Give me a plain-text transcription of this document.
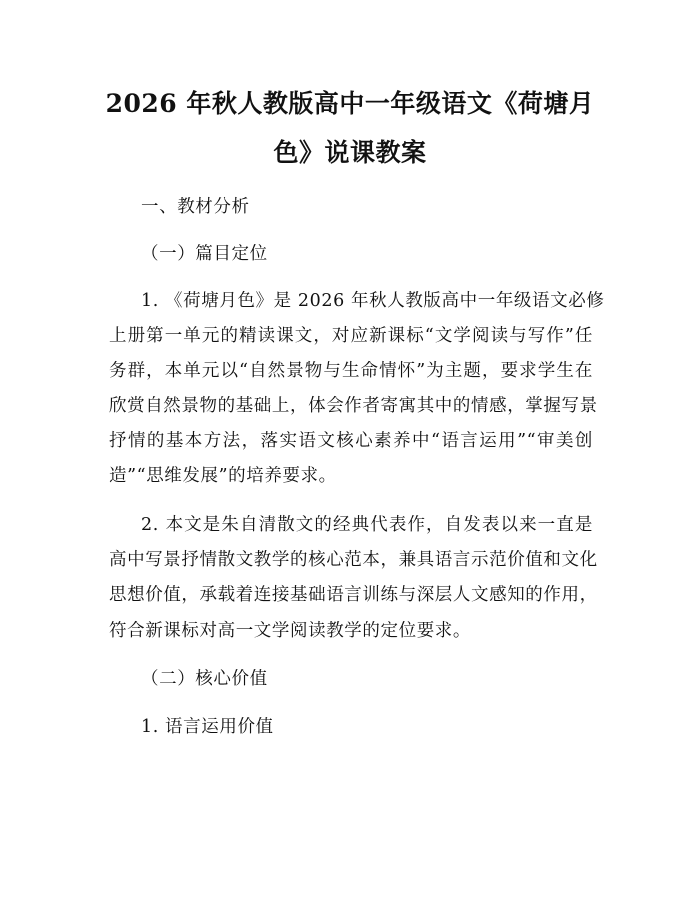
2026 年秋人教版高中一年级语文《荷塘月
色》说课教案
一、教材分析
（一）篇目定位
1. 《荷塘月色》是 2026 年秋人教版高中一年级语文必修
上册第一单元的精读课文，对应新课标“文学阅读与写作”任
务群，本单元以“自然景物与生命情怀”为主题，要求学生在
欣赏自然景物的基础上，体会作者寄寓其中的情感，掌握写景
抒情的基本方法，落实语文核心素养中“语言运用”“审美创
造”“思维发展”的培养要求。
2. 本文是朱自清散文的经典代表作，自发表以来一直是
高中写景抒情散文教学的核心范本，兼具语言示范价值和文化
思想价值，承载着连接基础语言训练与深层人文感知的作用，
符合新课标对高一文学阅读教学的定位要求。
（二）核心价值
1. 语言运用价值
